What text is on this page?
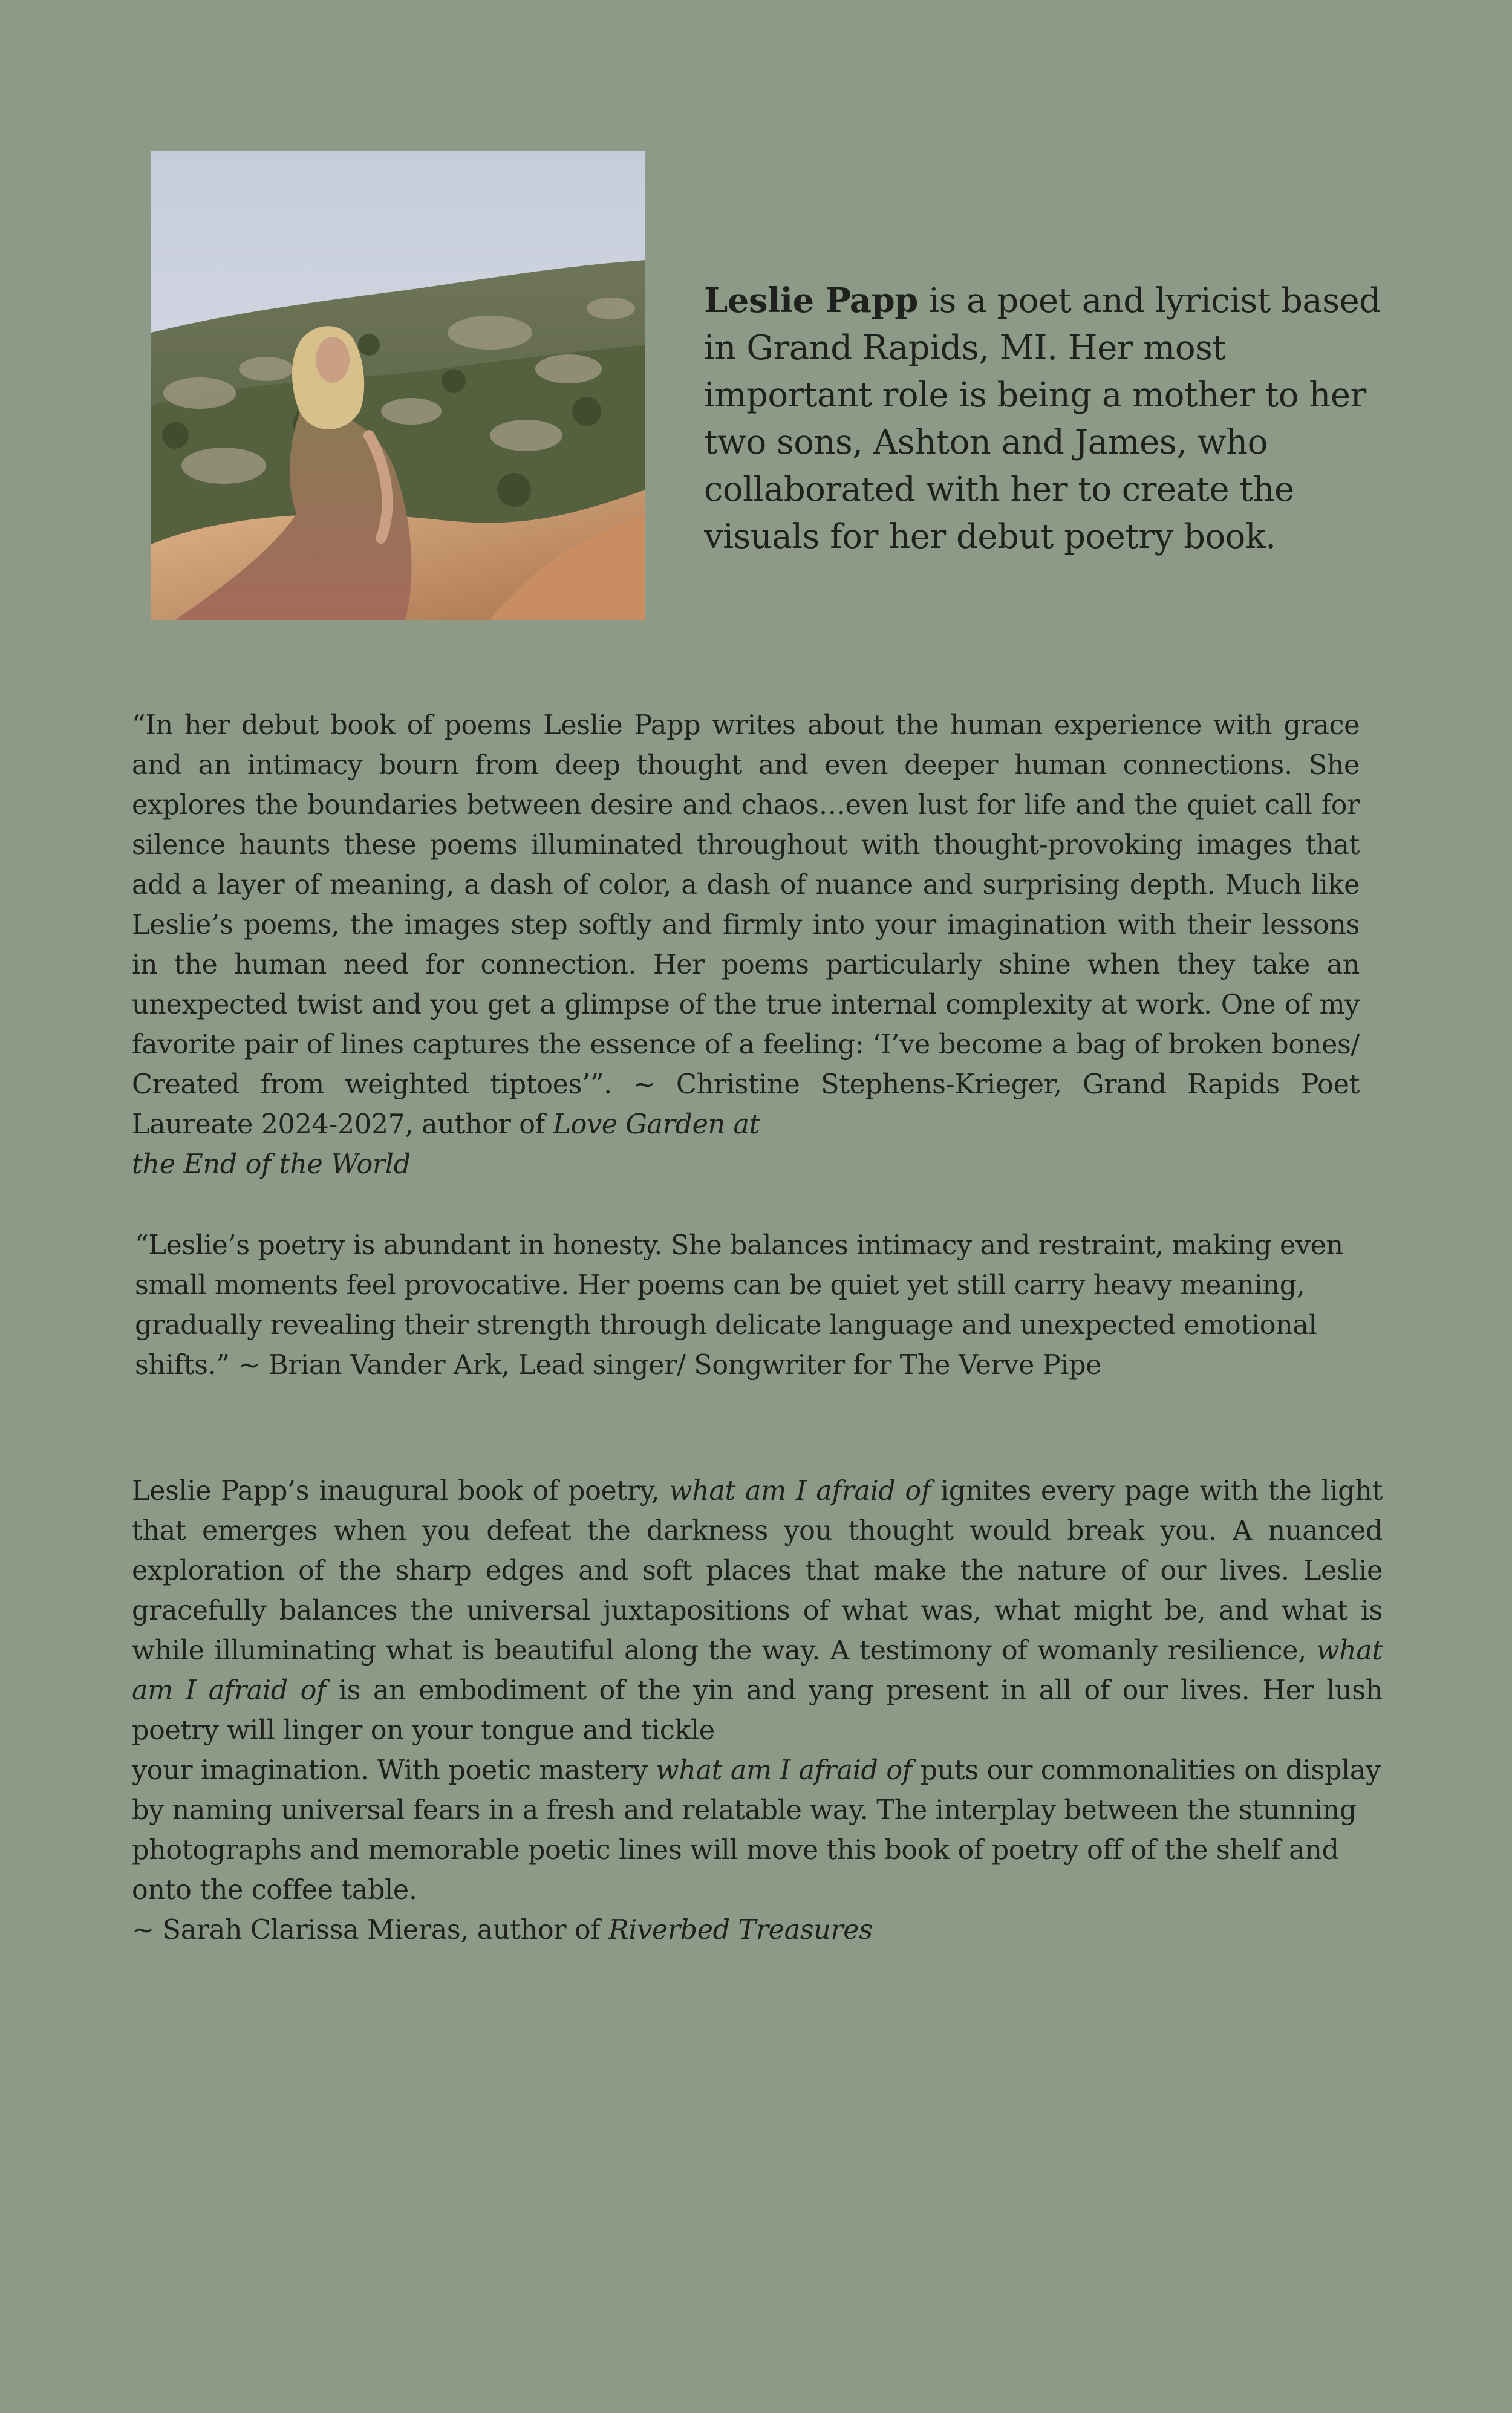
Leslie Papp is a poet and lyricist based in Grand Rapids, MI. Her most important role is being a mother to her two sons, Ashton and James, who collaborated with her to create the visuals for her debut poetry book.
“In her debut book of poems Leslie Papp writes about the human experience with grace and an intimacy bourn from deep thought and even deeper human connections. She explores the boundaries between desire and chaos…even lust for life and the quiet call for silence haunts these poems illuminated throughout with thought-provoking images that add a layer of meaning, a dash of color, a dash of nuance and surprising depth. Much like Leslie’s poems, the images step softly and firmly into your imagination with their lessons in the human need for connection. Her poems particularly shine when they take an unexpected twist and you get a glimpse of the true internal complexity at work. One of my favorite pair of lines captures the essence of a feeling: ‘I’ve become a bag of broken bones/ Created from weighted tiptoes’”. ~ Christine Stephens-Krieger, Grand Rapids Poet Laureate 2024-2027, author of Love Garden at
the End of the World
“Leslie’s poetry is abundant in honesty. She balances intimacy and restraint, making even small moments feel provocative. Her poems can be quiet yet still carry heavy meaning, gradually revealing their strength through delicate language and unexpected emotional shifts.” ~ Brian Vander Ark, Lead singer/ Songwriter for The Verve Pipe

Leslie Papp’s inaugural book of poetry, what am I afraid of ignites every page with the light that emerges when you defeat the darkness you thought would break you. A nuanced exploration of the sharp edges and soft places that make the nature of our lives. Leslie gracefully balances the universal juxtapositions of what was, what might be, and what is while illuminating what is beautiful along the way. A testimony of womanly resilience, what am I afraid of is an embodiment of the yin and yang present in all of our lives. Her lush poetry will linger on your tongue and tickle

your imagination. With poetic mastery what am I afraid of puts our commonalities on display by naming universal fears in a fresh and relatable way. The interplay between the stunning photographs and memorable poetic lines will move this book of poetry off of the shelf and onto the coffee table.

~ Sarah Clarissa Mieras, author of Riverbed Treasures
